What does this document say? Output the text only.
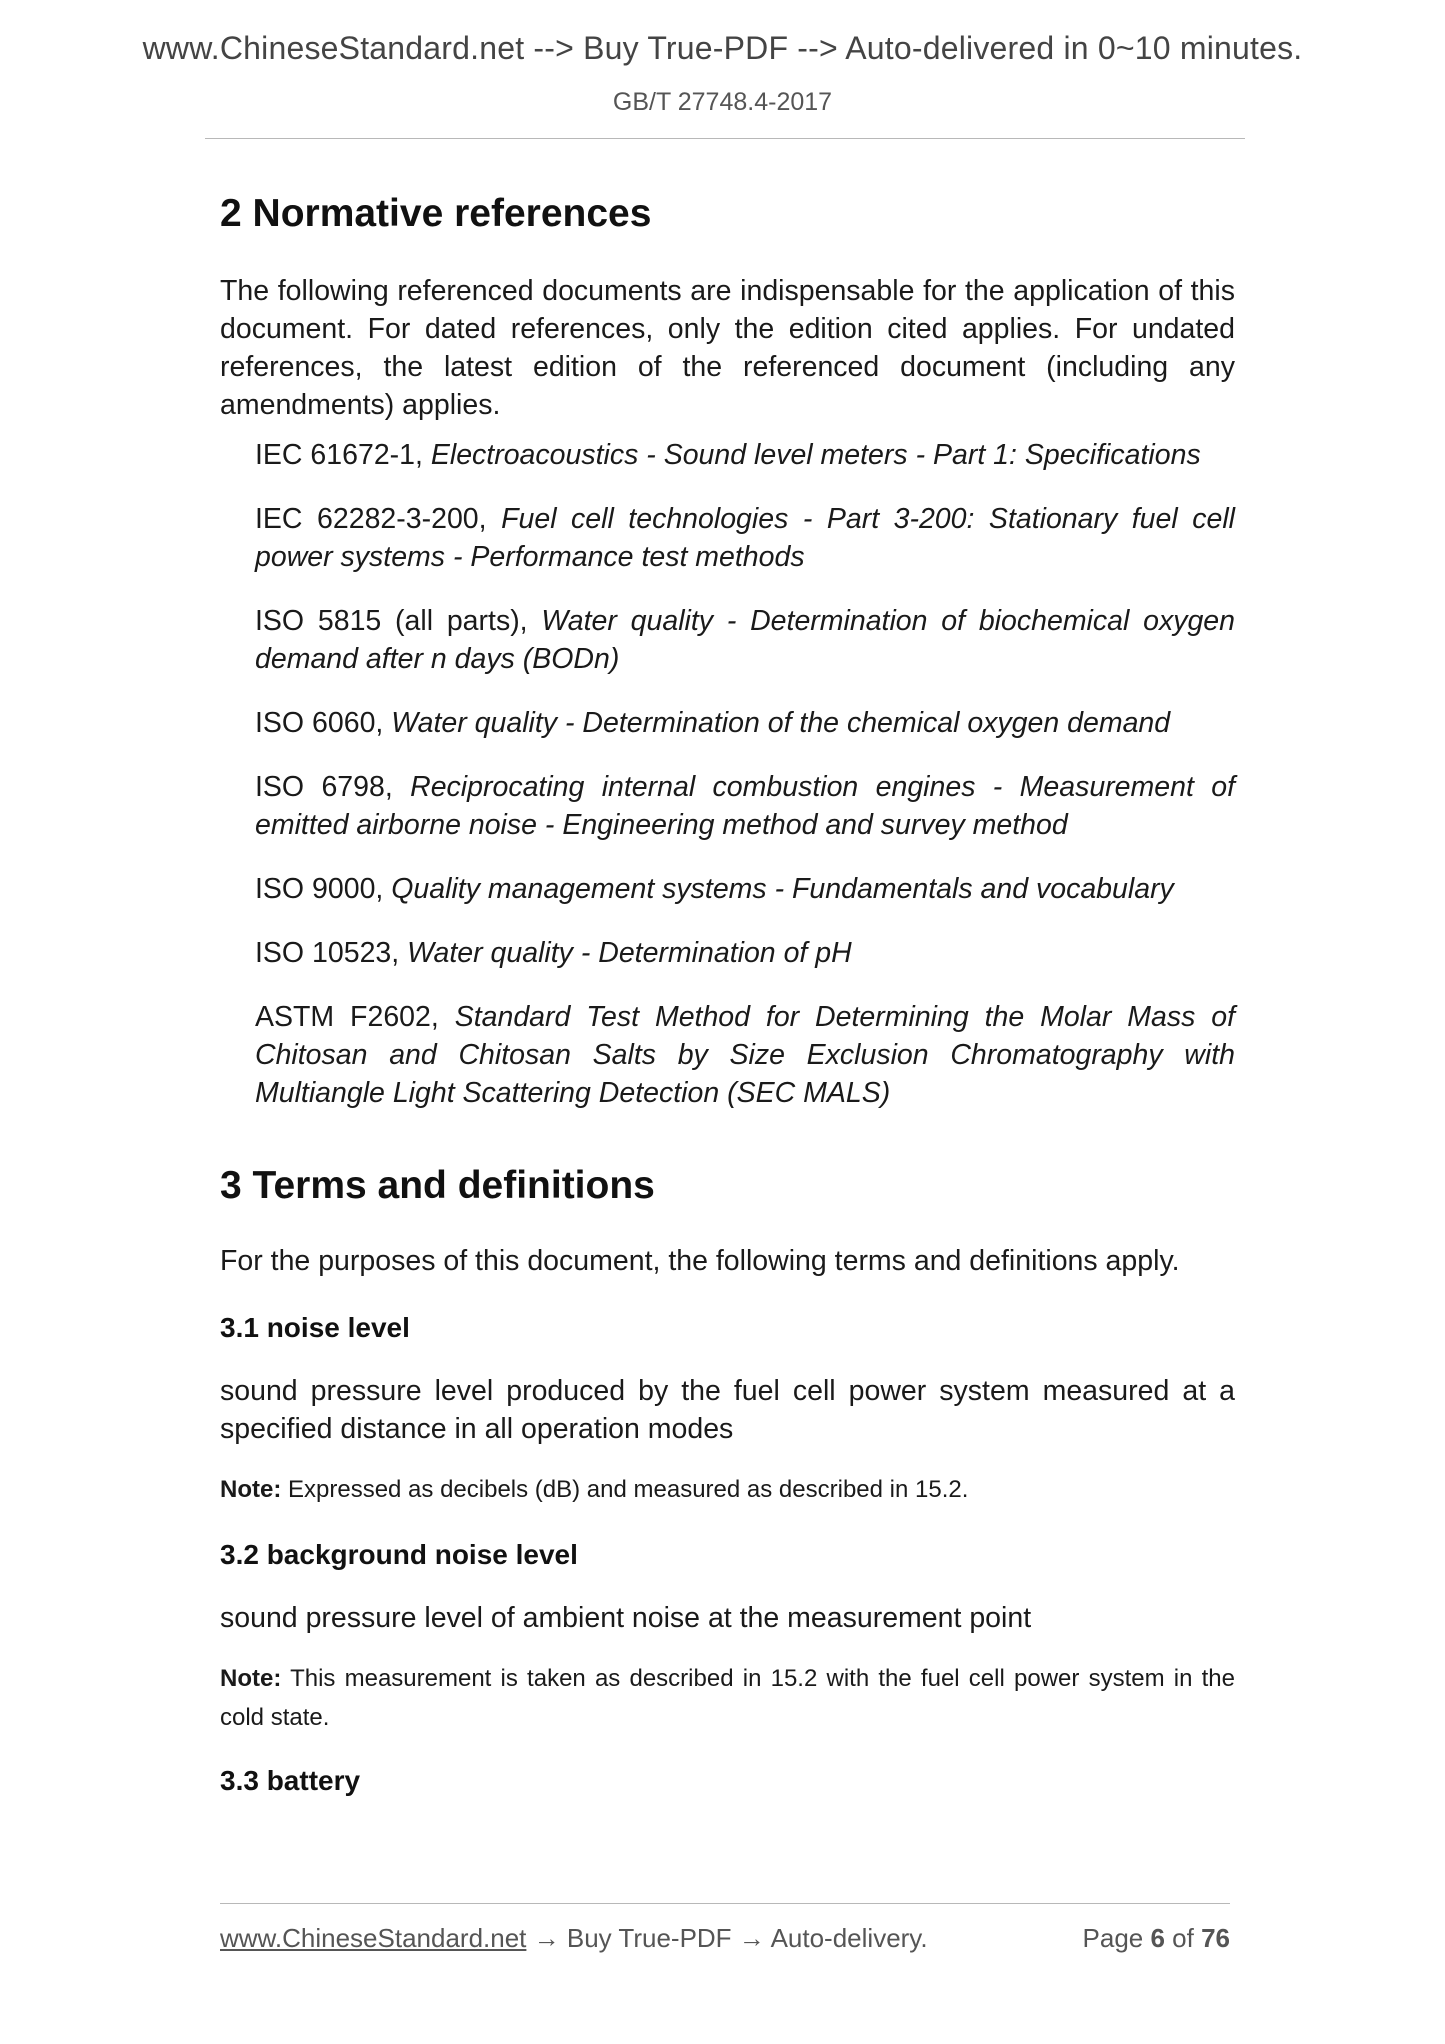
www.ChineseStandard.net --> Buy True-PDF --> Auto-delivered in 0~10 minutes.
GB/T 27748.4-2017
2 Normative references

The following referenced documents are indispensable for the application of this document. For dated references, only the edition cited applies. For undated references, the latest edition of the referenced document (including any amendments) applies.

IEC 61672-1, Electroacoustics - Sound level meters - Part 1: Specifications
IEC 62282-3-200, Fuel cell technologies - Part 3-200: Stationary fuel cell power systems - Performance test methods
ISO 5815 (all parts), Water quality - Determination of biochemical oxygen demand after n days (BODn)
ISO 6060, Water quality - Determination of the chemical oxygen demand
ISO 6798, Reciprocating internal combustion engines - Measurement of emitted airborne noise - Engineering method and survey method
ISO 9000, Quality management systems - Fundamentals and vocabulary
ISO 10523, Water quality - Determination of pH
ASTM F2602, Standard Test Method for Determining the Molar Mass of Chitosan and Chitosan Salts by Size Exclusion Chromatography with Multiangle Light Scattering Detection (SEC MALS)
3 Terms and definitions

For the purposes of this document, the following terms and definitions apply.

3.1 noise level

sound pressure level produced by the fuel cell power system measured at a specified distance in all operation modes

Note: Expressed as decibels (dB) and measured as described in 15.2.

3.2 background noise level

sound pressure level of ambient noise at the measurement point

Note: This measurement is taken as described in 15.2 with the fuel cell power system in the cold state.

3.3 battery
www.ChineseStandard.net → Buy True-PDF → Auto-delivery.	Page 6 of 76
